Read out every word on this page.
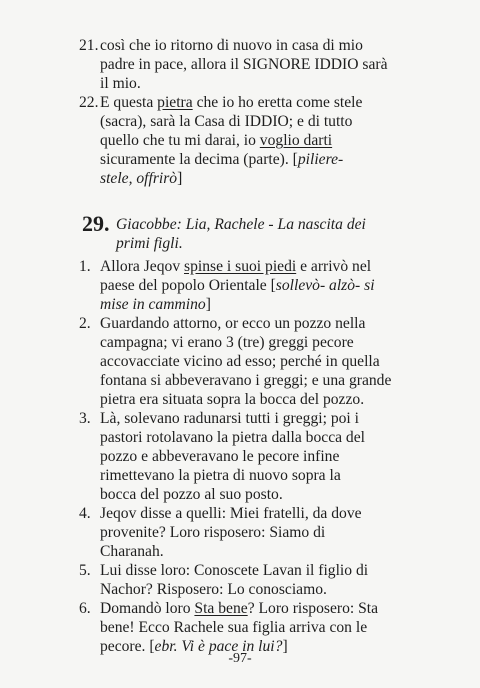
21. così che io ritorno di nuovo in casa di mio
padre in pace, allora il SIGNORE IDDIO sarà
il mio.
22. E questa pietra che io ho eretta come stele
(sacra), sarà la Casa di IDDIO; e di tutto
quello che tu mi darai, io voglio darti
sicuramente la decima (parte). [piliere-
stele, offrirò]
29. Giacobbe: Lia, Rachele - La nascita dei
primi figli.
1. Allora Jeqov spinse i suoi piedi e arrivò nel
paese del popolo Orientale [sollevò- alzò- si
mise in cammino]
2. Guardando attorno, or ecco un pozzo nella
campagna; vi erano 3 (tre) greggi pecore
accovacciate vicino ad esso; perché in quella
fontana si abbeveravano i greggi; e una grande
pietra era situata sopra la bocca del pozzo.
3. Là, solevano radunarsi tutti i greggi; poi i
pastori rotolavano la pietra dalla bocca del
pozzo e abbeveravano le pecore infine
rimettevano la pietra di nuovo sopra la
bocca del pozzo al suo posto.
4. Jeqov disse a quelli: Miei fratelli, da dove
provenite? Loro risposero: Siamo di
Charanah.
5. Lui disse loro: Conoscete Lavan il figlio di
Nachor? Risposero: Lo conosciamo.
6. Domandò loro Sta bene? Loro risposero: Sta
bene! Ecco Rachele sua figlia arriva con le
pecore. [ebr. Vi è pace in lui?]
-97-
